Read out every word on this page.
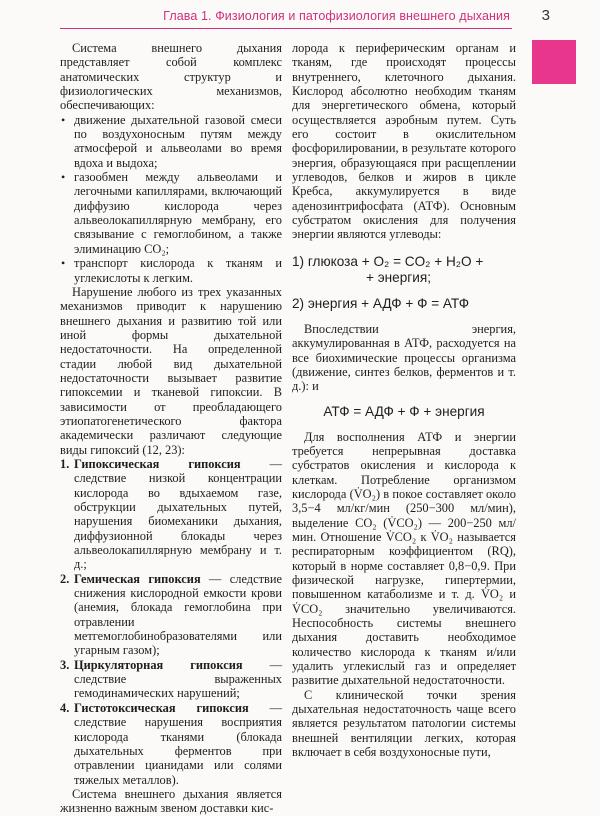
Глава 1. Физиология и патофизиология внешнего дыхания 3

Система внешнего дыхания представляет собой комплекс анатомических структур и физиологических механизмов, обеспечивающих:

• движение дыхательной газовой смеси по воздухоносным путям между атмосферой и альвеолами во время вдоха и выдоха;
• газообмен между альвеолами и легочными капиллярами, включающий диффузию кислорода через альвеолокапиллярную мембрану, его связывание с гемоглобином, а также элиминацию CO₂;
• транспорт кислорода к тканям и углекислоты к легким.

Нарушение любого из трех указанных механизмов приводит к нарушению внешнего дыхания и развитию той или иной формы дыхательной недостаточности. На определенной стадии любой вид дыхательной недостаточности вызывает развитие гипоксемии и тканевой гипоксии. В зависимости от преобладающего этиопатогенетического фактора академически различают следующие виды гипоксий (12, 23):

1. Гипоксическая гипоксия — следствие низкой концентрации кислорода во вдыхаемом газе, обструкции дыхательных путей, нарушения биомеханики дыхания, диффузионной блокады через альвеолокапиллярную мембрану и т. д.;
2. Гемическая гипоксия — следствие снижения кислородной емкости крови (анемия, блокада гемоглобина при отравлении метгемоглобинобразователями или угарным газом);
3. Циркуляторная гипоксия — следствие выраженных гемодинамических нарушений;
4. Гистотоксическая гипоксия — следствие нарушения восприятия кислорода тканями (блокада дыхательных ферментов при отравлении цианидами или солями тяжелых металлов).

Система внешнего дыхания является жизненно важным звеном доставки кис-

лорода к периферическим органам и тканям, где происходят процессы внутреннего, клеточного дыхания. Кислород абсолютно необходим тканям для энергетического обмена, который осуществляется аэробным путем. Суть его состоит в окислительном фосфорилировании, в результате которого энергия, образующаяся при расщеплении углеводов, белков и жиров в цикле Кребса, аккумулируется в виде аденозинтрифосфата (АТФ). Основным субстратом окисления для получения энергии являются углеводы:

1) глюкоза + O₂ = CO₂ + H₂O +
+ энергия;
2) энергия + АДФ + Ф = АТФ

Впоследствии энергия, аккумулированная в АТФ, расходуется на все биохимические процессы организма (движение, синтез белков, ферментов и т. д.): и

АТФ = АДФ + Ф + энергия

Для восполнения АТФ и энергии требуется непрерывная доставка субстратов окисления и кислорода к клеткам. Потребление организмом кислорода (V̇O₂) в покое составляет около 3,5−4 мл/кг/мин (250−300 мл/мин), выделение CO₂ (V̇CO₂) — 200−250 мл/мин. Отношение V̇CO₂ к V̇O₂ называется респираторным коэффициентом (RQ), который в норме составляет 0,8−0,9. При физической нагрузке, гипертермии, повышенном катаболизме и т. д. V̇O₂ и V̇CO₂ значительно увеличиваются. Неспособность системы внешнего дыхания доставить необходимое количество кислорода к тканям и/или удалить углекислый газ и определяет развитие дыхательной недостаточности.

С клинической точки зрения дыхательная недостаточность чаще всего является результатом патологии системы внешней вентиляции легких, которая включает в себя воздухоносные пути,
